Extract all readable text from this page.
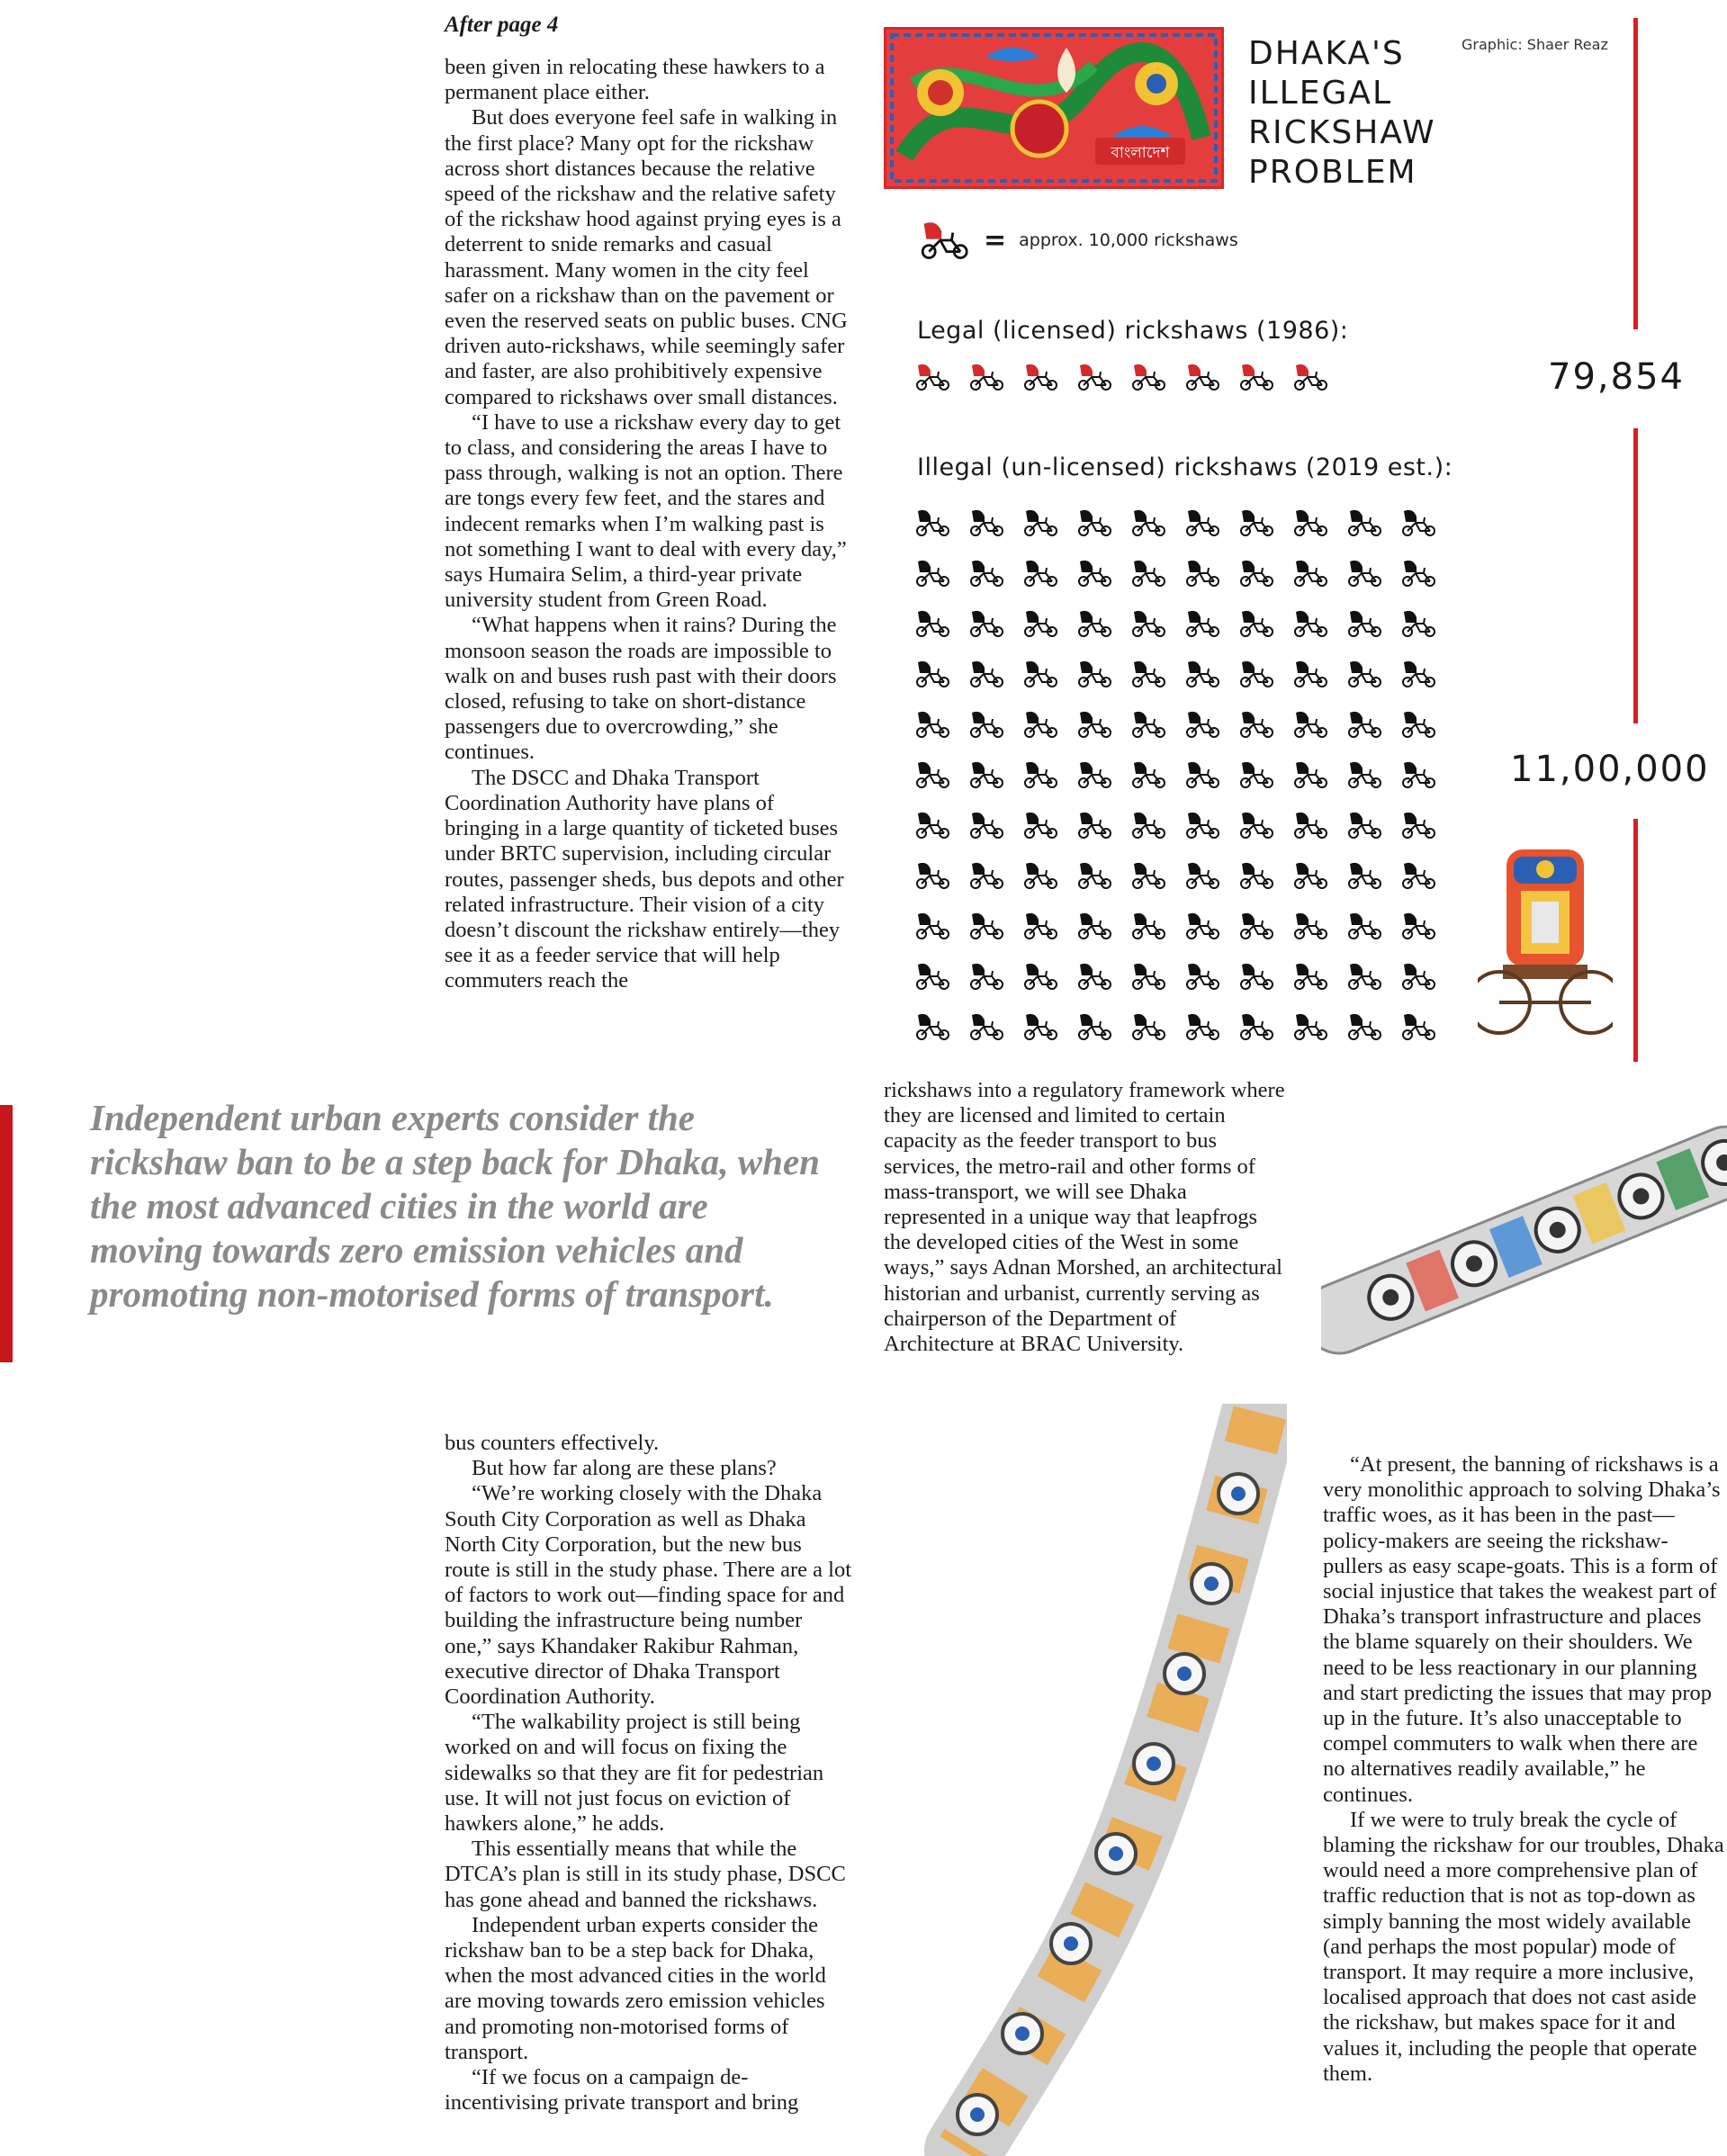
After page 4

been given in relocating these hawkers to a permanent place either.

But does everyone feel safe in walking in the first place? Many opt for the rickshaw across short distances because the relative speed of the rickshaw and the relative safety of the rickshaw hood against prying eyes is a deterrent to snide remarks and casual harassment. Many women in the city feel safer on a rickshaw than on the pavement or even the reserved seats on public buses. CNG driven auto-rickshaws, while seemingly safer and faster, are also prohibitively expensive compared to rickshaws over small distances.

“I have to use a rickshaw every day to get to class, and considering the areas I have to pass through, walking is not an option. There are tongs every few feet, and the stares and indecent remarks when I’m walking past is not something I want to deal with every day,” says Humaira Selim, a third-year private university student from Green Road.

“What happens when it rains? During the monsoon season the roads are impossible to walk on and buses rush past with their doors closed, refusing to take on short-distance passengers due to overcrowding,” she continues.

The DSCC and Dhaka Transport Coordination Authority have plans of bringing in a large quantity of ticketed buses under BRTC supervision, including circular routes, passenger sheds, bus depots and other related infrastructure. Their vision of a city doesn’t discount the rickshaw entirely—they see it as a feeder service that will help commuters reach the

rickshaws into a regulatory framework where they are licensed and limited to certain capacity as the feeder transport to bus services, the metro-rail and other forms of mass-transport, we will see Dhaka represented in a unique way that leapfrogs the developed cities of the West in some ways,” says Adnan Morshed, an architectural historian and urbanist, currently serving as chairperson of the Department of Architecture at BRAC University.

bus counters effectively.

But how far along are these plans?

“We’re working closely with the Dhaka South City Corporation as well as Dhaka North City Corporation, but the new bus route is still in the study phase. There are a lot of factors to work out—finding space for and building the infrastructure being number one,” says Khandaker Rakibur Rahman, executive director of Dhaka Transport Coordination Authority.

“The walkability project is still being worked on and will focus on fixing the sidewalks so that they are fit for pedestrian use. It will not just focus on eviction of hawkers alone,” he adds.

This essentially means that while the DTCA’s plan is still in its study phase, DSCC has gone ahead and banned the rickshaws.

Independent urban experts consider the rickshaw ban to be a step back for Dhaka, when the most advanced cities in the world are moving towards zero emission vehicles and promoting non-motorised forms of transport.

“If we focus on a campaign de-incentivising private transport and bring

“At present, the banning of rickshaws is a very monolithic approach to solving Dhaka’s traffic woes, as it has been in the past—policy-makers are seeing the rickshaw-pullers as easy scape-goats. This is a form of social injustice that takes the weakest part of Dhaka’s transport infrastructure and places the blame squarely on their shoulders. We need to be less reactionary in our planning and start predicting the issues that may prop up in the future. It’s also unacceptable to compel commuters to walk when there are no alternatives readily available,” he continues.

If we were to truly break the cycle of blaming the rickshaw for our troubles, Dhaka would need a more comprehensive plan of traffic reduction that is not as top-down as simply banning the most widely available (and perhaps the most popular) mode of transport. It may require a more inclusive, localised approach that does not cast aside the rickshaw, but makes space for it and values it, including the people that operate them.

Independent urban experts consider the rickshaw ban to be a step back for Dhaka, when the most advanced cities in the world are moving towards zero emission vehicles and promoting non-motorised forms of transport.
বাংলাদেশ
DHAKA'S
ILLEGAL
RICKSHAW
PROBLEM
Graphic: Shaer Reaz
= approx. 10,000 rickshaws
Legal (licensed) rickshaws (1986):
79,854
Illegal (un-licensed) rickshaws (2019 est.):
11,00,000
